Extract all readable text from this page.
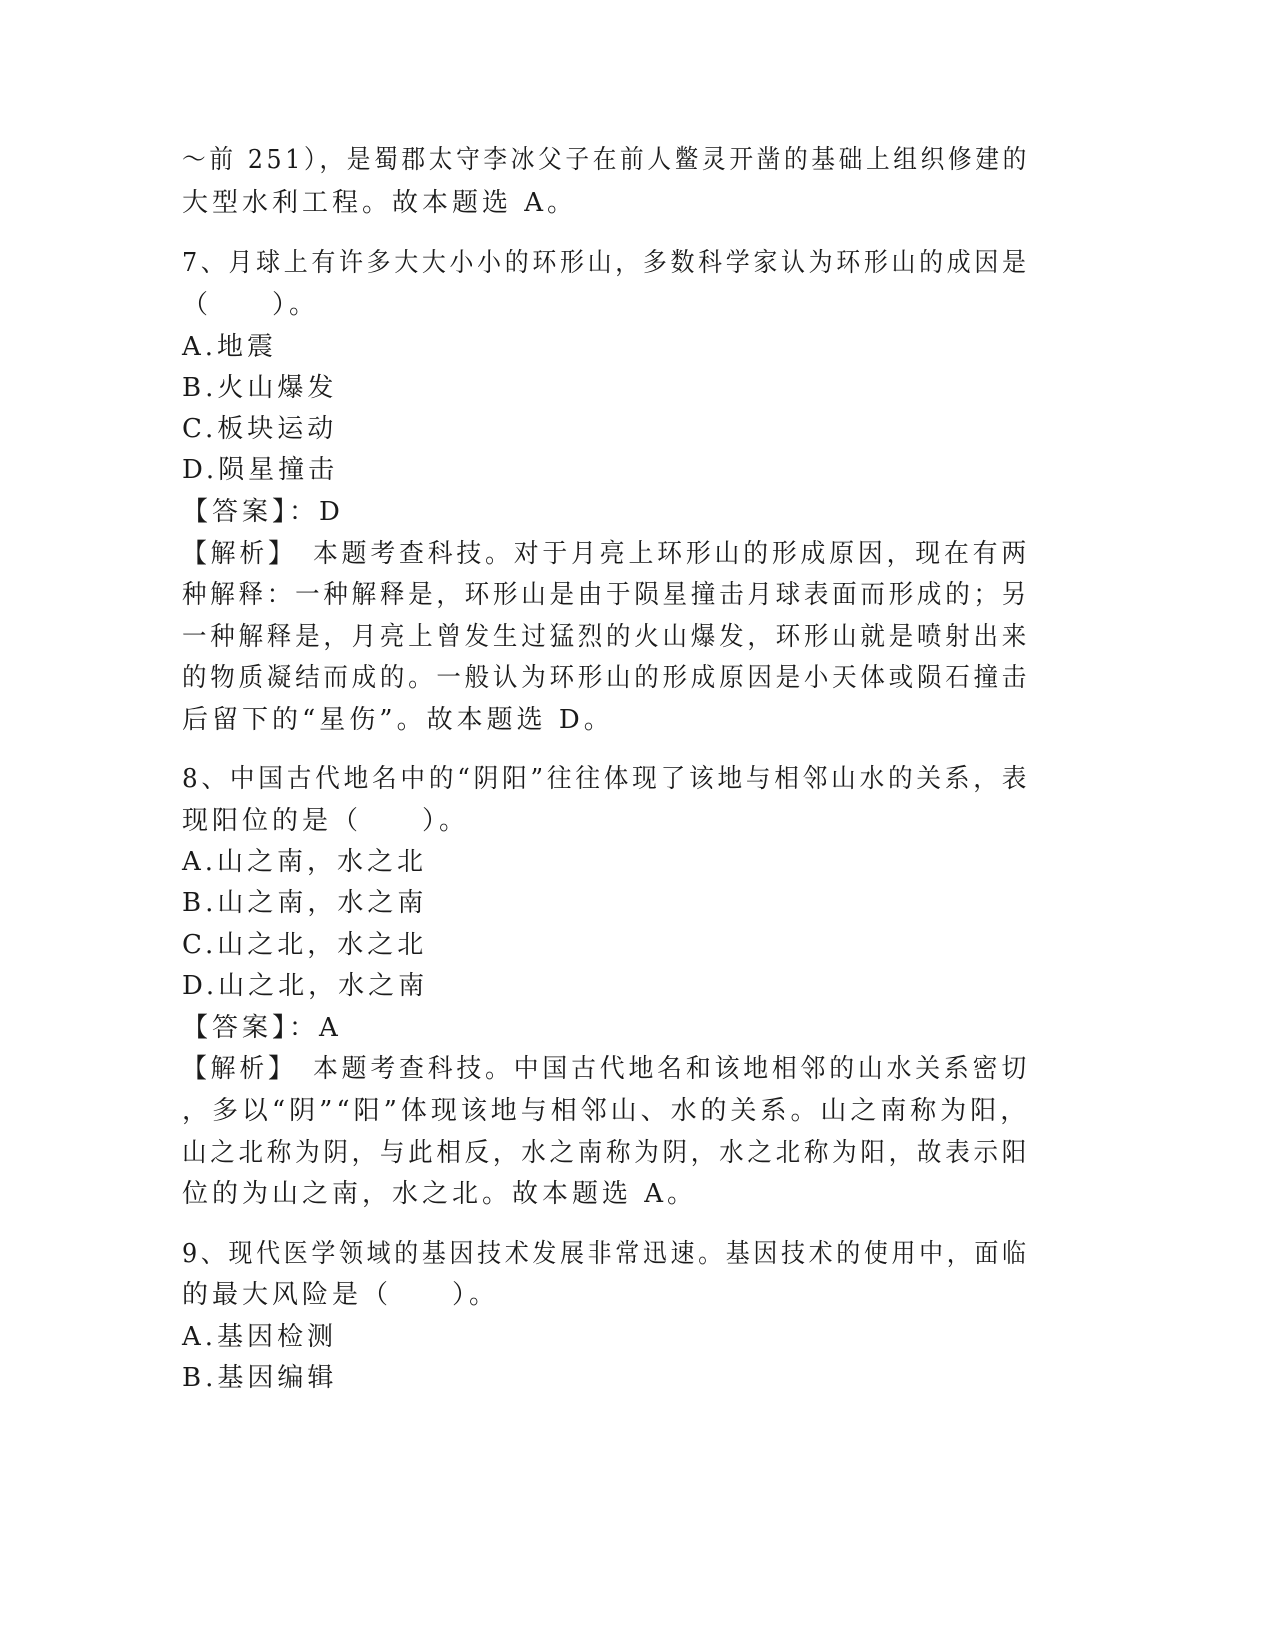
～前 251），是蜀郡太守李冰父子在前人鳖灵开凿的基础上组织修建的
大型水利工程。故本题选 A。
7、月球上有许多大大小小的环形山，多数科学家认为环形山的成因是
（　　）。
A.地震
B.火山爆发
C.板块运动
D.陨星撞击
【答案】：D
【解析】　本题考查科技。对于月亮上环形山的形成原因，现在有两
种解释：一种解释是，环形山是由于陨星撞击月球表面而形成的；另
一种解释是，月亮上曾发生过猛烈的火山爆发，环形山就是喷射出来
的物质凝结而成的。一般认为环形山的形成原因是小天体或陨石撞击
后留下的“星伤”。故本题选 D。
8、中国古代地名中的“阴阳”往往体现了该地与相邻山水的关系，表
现阳位的是（　　）。
A.山之南，水之北
B.山之南，水之南
C.山之北，水之北
D.山之北，水之南
【答案】：A
【解析】　本题考查科技。中国古代地名和该地相邻的山水关系密切
，多以“阴”“阳”体现该地与相邻山、水的关系。山之南称为阳，
山之北称为阴，与此相反，水之南称为阴，水之北称为阳，故表示阳
位的为山之南，水之北。故本题选 A。
9、现代医学领域的基因技术发展非常迅速。基因技术的使用中，面临
的最大风险是（　　）。
A.基因检测
B.基因编辑
